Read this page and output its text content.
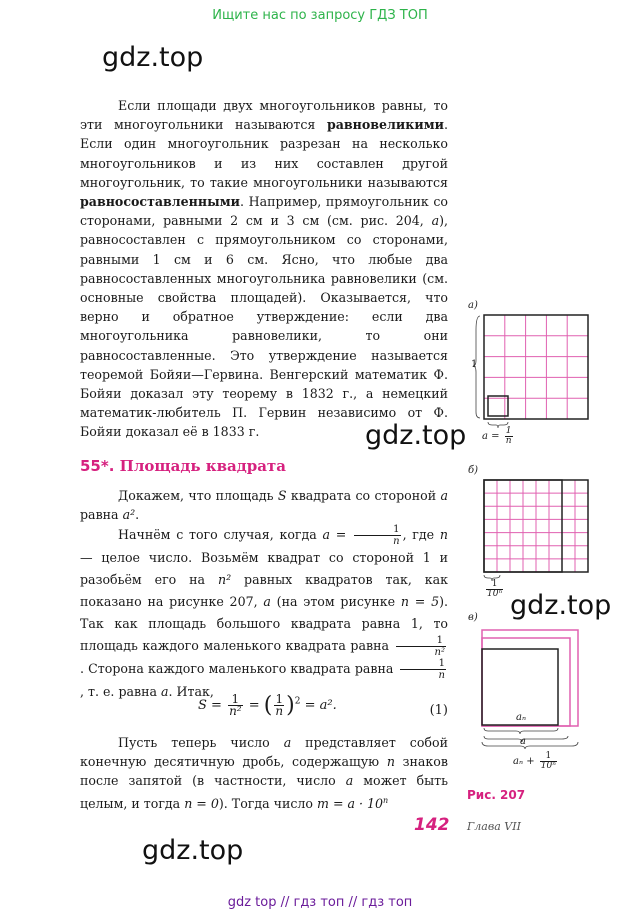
Ищите нас по запросу ГДЗ ТОП
gdz.top
gdz.top
gdz.top
gdz.top

Если площади двух многоугольников равны, то эти многоугольники называются равновеликими. Если один многоугольник разрезан на несколько многоугольников и из них составлен другой многоугольник, то такие многоугольники называются равносоставленными. Например, прямоугольник со сторонами, равными 2 см и 3 см (см. рис. 204, а), равносоставлен с прямоугольником со сторонами, равными 1 см и 6 см. Ясно, что любые два равносоставленных многоугольника равновелики (см. основные свойства площадей). Оказывается, что верно и обратное утверждение: если два многоугольника равновелики, то они равносоставленные. Это утверждение называется теоремой Бойяи—Гервина. Венгерский математик Ф. Бойяи доказал эту теорему в 1832 г., а немецкий математик-любитель П. Гервин независимо от Ф. Бойяи доказал её в 1833 г.

55*. Площадь квадрата

Докажем, что площадь S квадрата со стороной a равна a².

Начнём с того случая, когда $a = \frac{1}{n}$ , где n — целое число. Возьмём квадрат со стороной 1 и разобьём его на n² равных квадратов так, как показано на рисунке 207, a (на этом рисунке n = 5). Так как площадь большого квадрата равна 1, то площадь каждого маленького квадрата равна $\frac{1}{\text{n²}}$
. Сторона каждого маленького квадрата равна $\frac{1}{n}$
, т. е. равна a. Итак,

$S = \frac{1}{\text{n²}}$ = ( $\frac{1}{n} )^2 = a^2$.	(1)

Пусть теперь число a представляет собой конечную десятичную дробь, содержащую n знаков после запятой (в частности, число a может быть целым, и тогда n = 0). Тогда число $m = a \cdot 10^n$

а)
1
$a = \frac{1}{n}$
б)
$\frac{1}{\text{10ⁿ}}$
в)
aₙ
a
$a_n + \frac{1}{\text{10ⁿ}}$
Рис. 207
142 Глава VII
gdz top // гдз топ // гдз топ
